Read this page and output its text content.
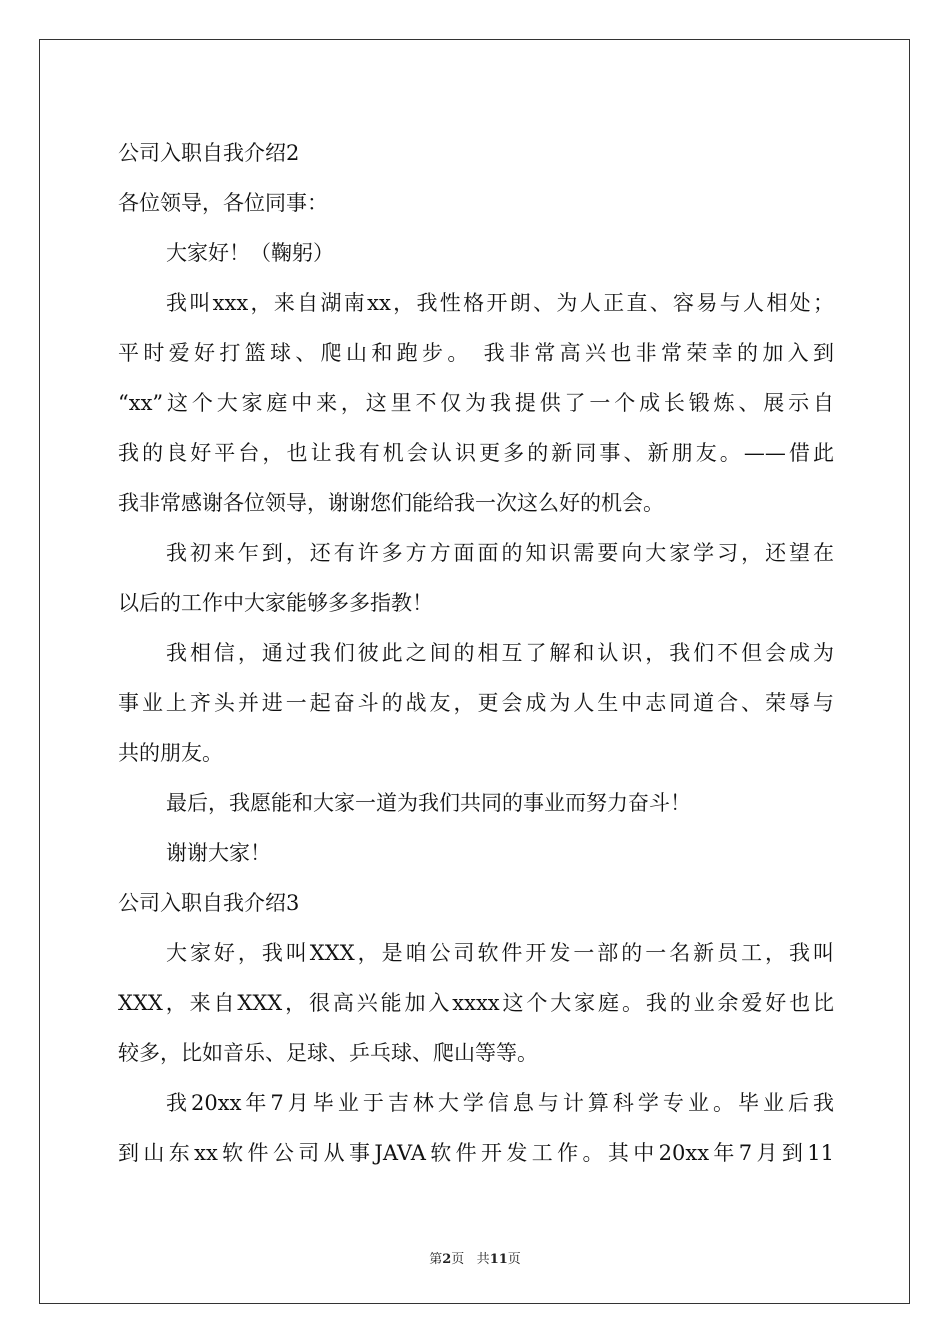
公司入职自我介绍2
各位领导，各位同事：
大家好！（鞠躬）
我叫xxx，来自湖南xx，我性格开朗、为人正直、容易与人相处；
平时爱好打篮球、爬山和跑步。 我非常高兴也非常荣幸的加入到
“xx”这个大家庭中来，这里不仅为我提供了一个成长锻炼、展示自
我的良好平台，也让我有机会认识更多的新同事、新朋友。——借此
我非常感谢各位领导，谢谢您们能给我一次这么好的机会。
我初来乍到，还有许多方方面面的知识需要向大家学习，还望在
以后的工作中大家能够多多指教！
我相信，通过我们彼此之间的相互了解和认识，我们不但会成为
事业上齐头并进一起奋斗的战友，更会成为人生中志同道合、荣辱与
共的朋友。
最后，我愿能和大家一道为我们共同的事业而努力奋斗！
谢谢大家！
公司入职自我介绍3
大家好，我叫XXX，是咱公司软件开发一部的一名新员工，我叫
XXX，来自XXX，很高兴能加入xxxx这个大家庭。我的业余爱好也比
较多，比如音乐、足球、乒乓球、爬山等等。
我20xx年7月毕业于吉林大学信息与计算科学专业。毕业后我
到山东xx软件公司从事JAVA软件开发工作。其中20xx年7月到11
第2页 共11页
